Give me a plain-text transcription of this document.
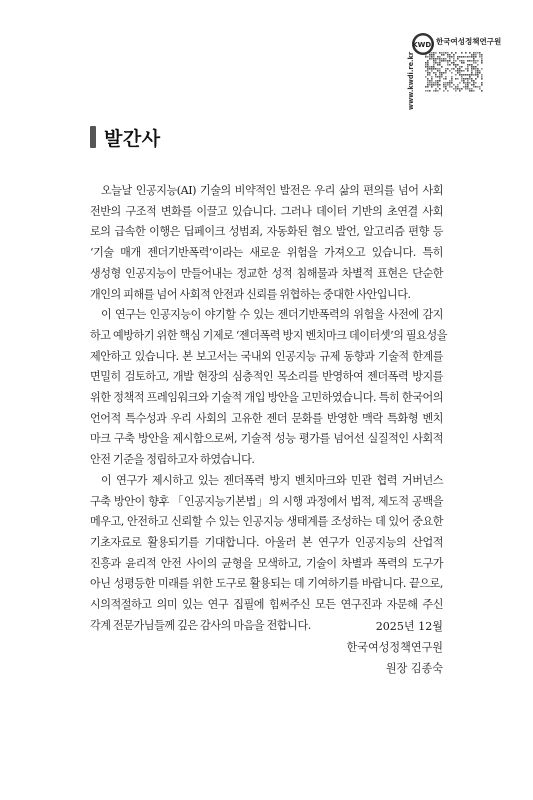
KWDI 한국여성정책연구원
www.kwdi.re.kr
발간사
오늘날 인공지능(AI) 기술의 비약적인 발전은 우리 삶의 편의를 넘어 사회
전반의 구조적 변화를 이끌고 있습니다. 그러나 데이터 기반의 초연결 사회
로의 급속한 이행은 딥페이크 성범죄, 자동화된 혐오 발언, 알고리즘 편향 등
‘기술 매개 젠더기반폭력’이라는 새로운 위험을 가져오고 있습니다. 특히
생성형 인공지능이 만들어내는 정교한 성적 침해물과 차별적 표현은 단순한
개인의 피해를 넘어 사회적 안전과 신뢰를 위협하는 중대한 사안입니다.
이 연구는 인공지능이 야기할 수 있는 젠더기반폭력의 위험을 사전에 감지
하고 예방하기 위한 핵심 기제로 ‘젠더폭력 방지 벤치마크 데이터셋’의 필요성을
제안하고 있습니다. 본 보고서는 국내외 인공지능 규제 동향과 기술적 한계를
면밀히 검토하고, 개발 현장의 심층적인 목소리를 반영하여 젠더폭력 방지를
위한 정책적 프레임워크와 기술적 개입 방안을 고민하였습니다. 특히 한국어의
언어적 특수성과 우리 사회의 고유한 젠더 문화를 반영한 맥락 특화형 벤치
마크 구축 방안을 제시함으로써, 기술적 성능 평가를 넘어선 실질적인 사회적
안전 기준을 정립하고자 하였습니다.
이 연구가 제시하고 있는 젠더폭력 방지 벤치마크와 민관 협력 거버넌스
구축 방안이 향후 「인공지능기본법」의 시행 과정에서 법적, 제도적 공백을
메우고, 안전하고 신뢰할 수 있는 인공지능 생태계를 조성하는 데 있어 중요한
기초자료로 활용되기를 기대합니다. 아울러 본 연구가 인공지능의 산업적
진흥과 윤리적 안전 사이의 균형을 모색하고, 기술이 차별과 폭력의 도구가
아닌 성평등한 미래를 위한 도구로 활용되는 데 기여하기를 바랍니다. 끝으로,
시의적절하고 의미 있는 연구 집필에 힘써주신 모든 연구진과 자문해 주신
각계 전문가님들께 깊은 감사의 마음을 전합니다.	2025년 12월
한국여성정책연구원
원장 김종숙
